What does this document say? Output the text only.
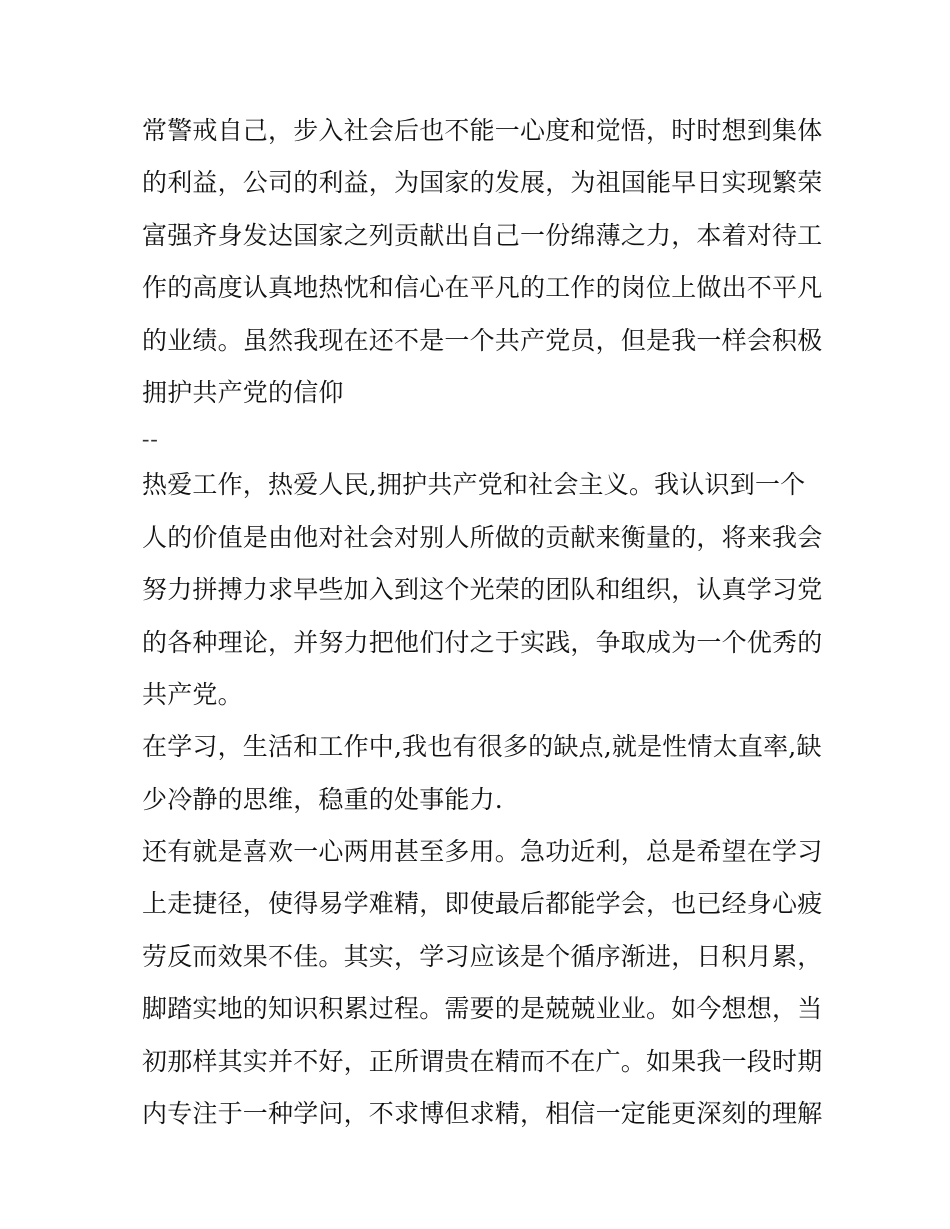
常警戒自己，步入社会后也不能一心度和觉悟，时时想到集体
的利益，公司的利益，为国家的发展，为祖国能早日实现繁荣
富强齐身发达国家之列贡献出自己一份绵薄之力，本着对待工
作的高度认真地热忱和信心在平凡的工作的岗位上做出不平凡
的业绩。虽然我现在还不是一个共产党员，但是我一样会积极
拥护共产党的信仰
--
热爱工作，热爱人民,拥护共产党和社会主义。我认识到一个
人的价值是由他对社会对别人所做的贡献来衡量的，将来我会
努力拼搏力求早些加入到这个光荣的团队和组织，认真学习党
的各种理论，并努力把他们付之于实践，争取成为一个优秀的
共产党。
在学习，生活和工作中,我也有很多的缺点,就是性情太直率,缺
少冷静的思维，稳重的处事能力.
还有就是喜欢一心两用甚至多用。急功近利，总是希望在学习
上走捷径，使得易学难精，即使最后都能学会，也已经身心疲
劳反而效果不佳。其实，学习应该是个循序渐进，日积月累，
脚踏实地的知识积累过程。需要的是兢兢业业。如今想想，当
初那样其实并不好，正所谓贵在精而不在广。如果我一段时期
内专注于一种学问，不求博但求精，相信一定能更深刻的理解
